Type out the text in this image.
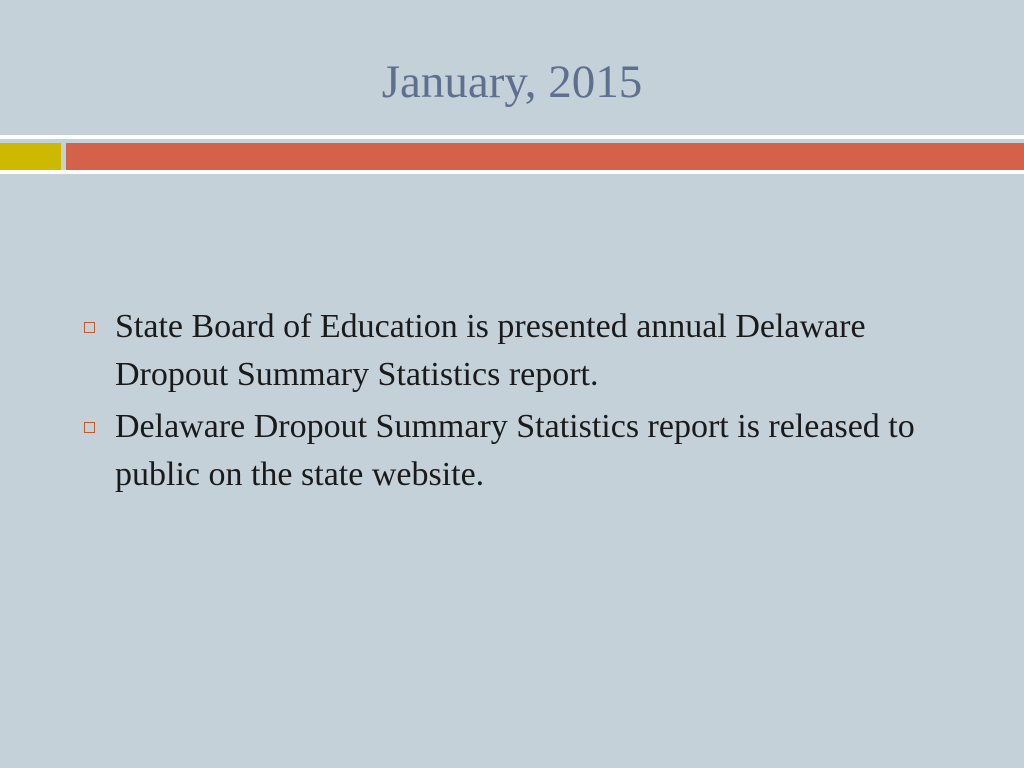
January, 2015
State Board of Education is presented annual Delaware Dropout Summary Statistics report.
Delaware Dropout Summary Statistics report is released to public on the state website.
